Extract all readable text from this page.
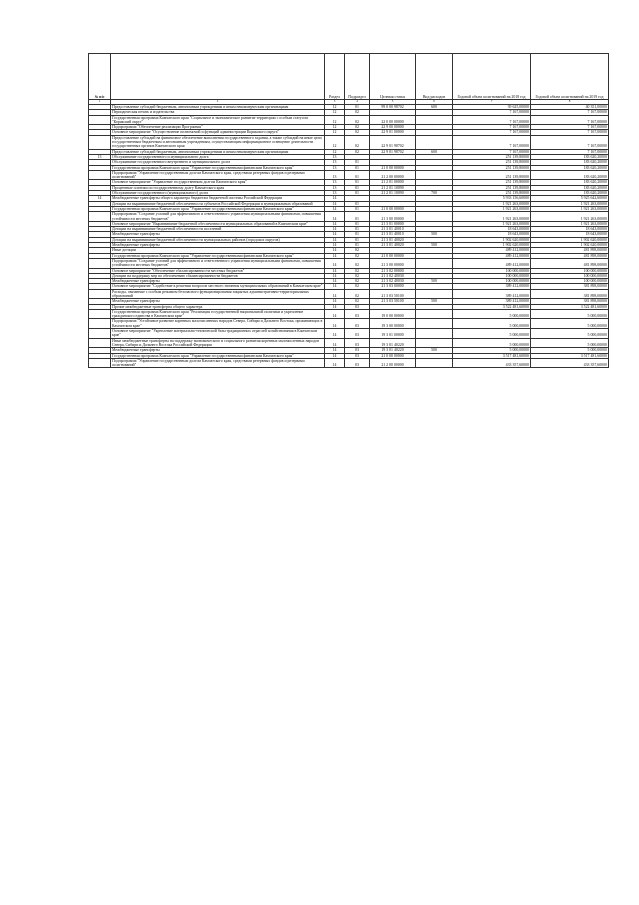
№ п/п		Раздел	Подраздел	Целевая статья	Вид расходов	Годовой объем ассигнований на 2018 год	Годовой объем ассигнований на 2019 год
1	2	3	4	5	6	7	8
	Предоставление субсидий бюджетным, автономным учреждениям и иным некоммерческим организациям	12	01	99 0 00 98702	600	39 625,00000	40 351,00000
	Периодическая печать и издательства	12	02			7 167,00000	7 167,00000
	Государственная программа Камчатского края "Социальное и экономическое развитие территории с особым статусом "Корякский округ"	12	02	22 0 00 00000		7 167,00000	7 167,00000
	Подпрограмма "Обеспечение реализации Программы"	12	02	22 9 00 00000		7 167,00000	7 167,00000
	Основное мероприятие "Осуществление полномочий и функций администрации Корякского округа"	12	02	22 9 01 00000		7 167,00000	7 167,00000
	Предоставление субсидий на финансовое обеспечение выполнения государственного задания, а также субсидий на иные цели государственным бюджетным и автономным учреждениям, осуществляющим информационное освещение деятельности государственных органов Камчатского края	12	02	22 9 01 98702		7 167,00000	7 167,00000
	Предоставление субсидий бюджетным, автономным учреждениям и иным некоммерческим организациям	12	02	22 9 01 98702	600	7 167,00000	7 167,00000
13	Обслуживание государственного и муниципального долга	13				251 139,80000	183 620,20000
	Обслуживание государственного внутреннего и муниципального долга	13	01			251 139,80000	183 620,20000
	Государственная программа Камчатского края "Управление государственными финансами Камчатского края"	13	01	21 0 00 00000		251 139,80000	183 620,20000
	Подпрограмма "Управление государственным долгом Камчатского края, средствами резервных фондов и резервами ассигнований"	13	01	21 2 00 00000		251 139,80000	183 620,20000
	Основное мероприятие "Управление государственным долгом Камчатского края"	13	01	21 2 01 00000		251 139,80000	183 620,20000
	Процентные платежи по государственному долгу Камчатского края	13	01	21 2 01 10090		251 139,80000	183 620,20000
	Обслуживание государственного (муниципального) долга	13	01	21 2 01 10090	700	251 139,80000	183 620,20000
14	Межбюджетные трансферты общего характера бюджетам бюджетной системы Российской Федерации	14				5 933 156,60000	5 925 642,60000
	Дотации на выравнивание бюджетной обеспеченности субъектов Российской Федерации и муниципальных образований	14	01			1 921 263,00000	1 921 263,00000
	Государственная программа Камчатского края "Управление государственными финансами Камчатского края"	14	01	21 0 00 00000		1 921 263,00000	1 921 263,00000
	Подпрограмма "Создание условий для эффективного и ответственного управления муниципальными финансами, повышения устойчивости местных бюджетов"	14	01	21 3 00 00000		1 921 263,00000	1 921 263,00000
	Основное мероприятие "Выравнивание бюджетной обеспеченности муниципальных образований в Камчатском крае"	14	01	21 3 01 00000		1 921 263,00000	1 921 263,00000
	Дотации на выравнивание бюджетной обеспеченности поселений	14	01	21 3 01 40010		18 643,00000	18 643,00000
	Межбюджетные трансферты	14	01	21 3 01 40010	500	18 643,00000	18 643,00000
	Дотации на выравнивание бюджетной обеспеченности муниципальных районов (городских округов)	14	01	21 3 01 40020		1 902 620,00000	1 902 620,00000
	Межбюджетные трансферты	14	01	21 3 01 40020	500	1 902 620,00000	1 902 620,00000
	Иные дотации	14	02			489 412,00000	481 898,00000
	Государственная программа Камчатского края "Управление государственными финансами Камчатского края"	14	02	21 0 00 00000		489 412,00000	481 898,00000
	Подпрограмма "Создание условий для эффективного и ответственного управления муниципальными финансами, повышения устойчивости местных бюджетов"	14	02	21 3 00 00000		489 412,00000	481 898,00000
	Основное мероприятие "Обеспечение сбалансированности местных бюджетов"	14	02	21 3 02 00000		100 000,00000	100 000,00000
	Дотации на поддержку мер по обеспечению сбалансированности бюджетов	14	02	21 3 02 40030		100 000,00000	100 000,00000
	Межбюджетные трансферты	14	02	21 3 02 40030	500	100 000,00000	100 000,00000
	Основное мероприятие "Содействие в решении вопросов местного значения муниципальных образований в Камчатском крае"	14	02	21 3 03 00000		389 412,00000	381 898,00000
	Расходы, связанные с особым режимом безопасного функционирования закрытых административно-территориальных образований	14	02	21 3 03 50100		389 412,00000	381 898,00000
	Межбюджетные трансферты	14	02	21 3 03 50100	500	389 412,00000	381 898,00000
	Прочие межбюджетные трансферты общего характера	14	03			3 522 481,60000	3 522 481,60000
	Государственная программа Камчатского края "Реализация государственной национальной политики и укрепление гражданского единства в Камчатском крае"	14	03	19 0 00 00000		5 000,00000	5 000,00000
	Подпрограмма "Устойчивое развитие коренных малочисленных народов Севера, Сибири и Дальнего Востока, проживающих в Камчатском крае"	14	03	19 3 00 00000		5 000,00000	5 000,00000
	Основное мероприятие "Укрепление материально-технической базы традиционных отраслей хозяйствования в Камчатском крае"	14	03	19 3 01 00000		5 000,00000	5 000,00000
	Иные межбюджетные трансферты на поддержку экономического и социального развития коренных малочисленных народов Севера, Сибири и Дальнего Востока Российской Федерации	14	03	19 3 01 40220		5 000,00000	5 000,00000
	Межбюджетные трансферты	14	03	19 3 01 40220	500	5 000,00000	5 000,00000
	Государственная программа Камчатского края "Управление государственными финансами Камчатского края"	14	03	21 0 00 00000		3 517 481,60000	3 517 481,60000
	Подпрограмма "Управление государственным долгом Камчатского края, средствами резервных фондов и резервами ассигнований"	14	03	21 2 00 00000		433 357,60000	433 357,60000
